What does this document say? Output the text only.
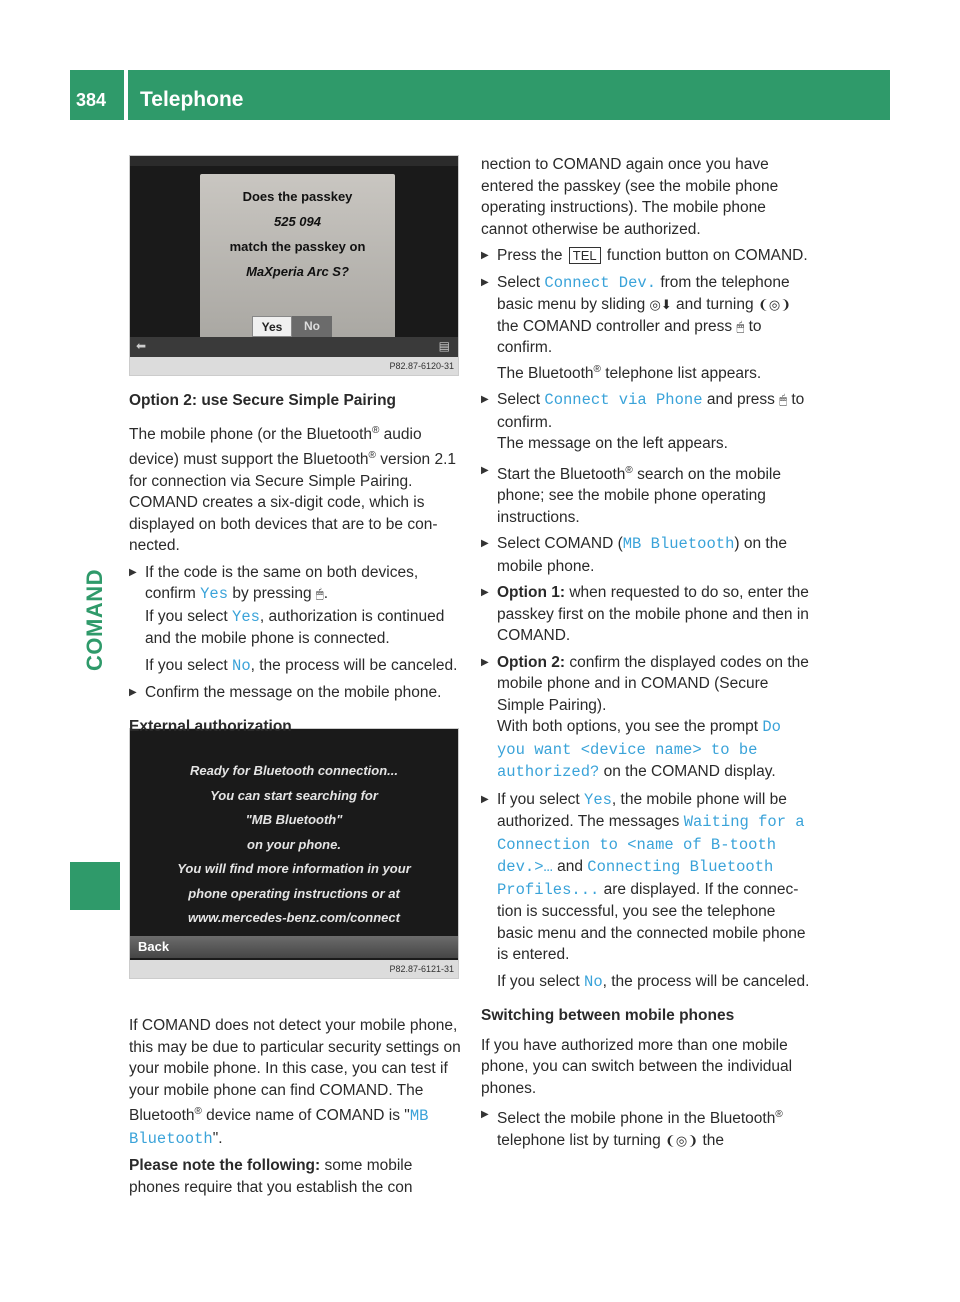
384 Telephone
COMAND
Does the passkey
525 094
match the passkey on
MaXperia Arc S?
Yes	No
⬅	▤
P82.87-6120-31
Ready for Bluetooth connection...
You can start searching for
"MB Bluetooth"
on your phone.
You will find more information in your
phone operating instructions or at
www.mercedes-benz.com/connect
Back
P82.87-6121-31

Option 2: use Secure Simple Pairing

The mobile phone (or the Bluetooth® audio device) must support the Bluetooth® version 2.1 for connection via Secure Simple Pairing. COMAND creates a six-digit code, which is displayed on both devices that are to be connected.

▶ If the code is the same on both devices, confirm Yes by pressing 🖱.
If you select Yes, authorization is continued and the mobile phone is connected.

If you select No, the process will be canceled.

▶ Confirm the message on the mobile phone.

External authorization

If COMAND does not detect your mobile phone, this may be due to particular security settings on your mobile phone. In this case, you can test if your mobile phone can find COMAND. The Bluetooth® device name of COMAND is "MB Bluetooth".

Please note the following: some mobile phones require that you establish the con

nection to COMAND again once you have entered the passkey (see the mobile phone operating instructions). The mobile phone cannot otherwise be authorized.

▶ Press the TEL function button on COMAND.
▶ Select Connect Dev. from the telephone basic menu by sliding ◎⬇ and turning ❨◎❩ the COMAND controller and press 🖱 to confirm.
The Bluetooth® telephone list appears.
▶ Select Connect via Phone and press 🖱 to confirm.
The message on the left appears.
▶ Start the Bluetooth® search on the mobile phone; see the mobile phone operating instructions.
▶ Select COMAND (MB Bluetooth) on the mobile phone.
▶ Option 1: when requested to do so, enter the passkey first on the mobile phone and then in COMAND.
▶ Option 2: confirm the displayed codes on the mobile phone and in COMAND (Secure Simple Pairing).
With both options, you see the prompt Do you want <device name> to be authorized? on the COMAND display.
▶ If you select Yes, the mobile phone will be authorized. The messages Waiting for a Connection to <name of B-tooth dev.>… and Connecting Bluetooth Profiles... are displayed. If the connection is successful, you see the telephone basic menu and the connected mobile phone is entered.

If you select No, the process will be canceled.

Switching between mobile phones

If you have authorized more than one mobile phone, you can switch between the individual phones.

▶ Select the mobile phone in the Bluetooth® telephone list by turning ❨◎❩ the
